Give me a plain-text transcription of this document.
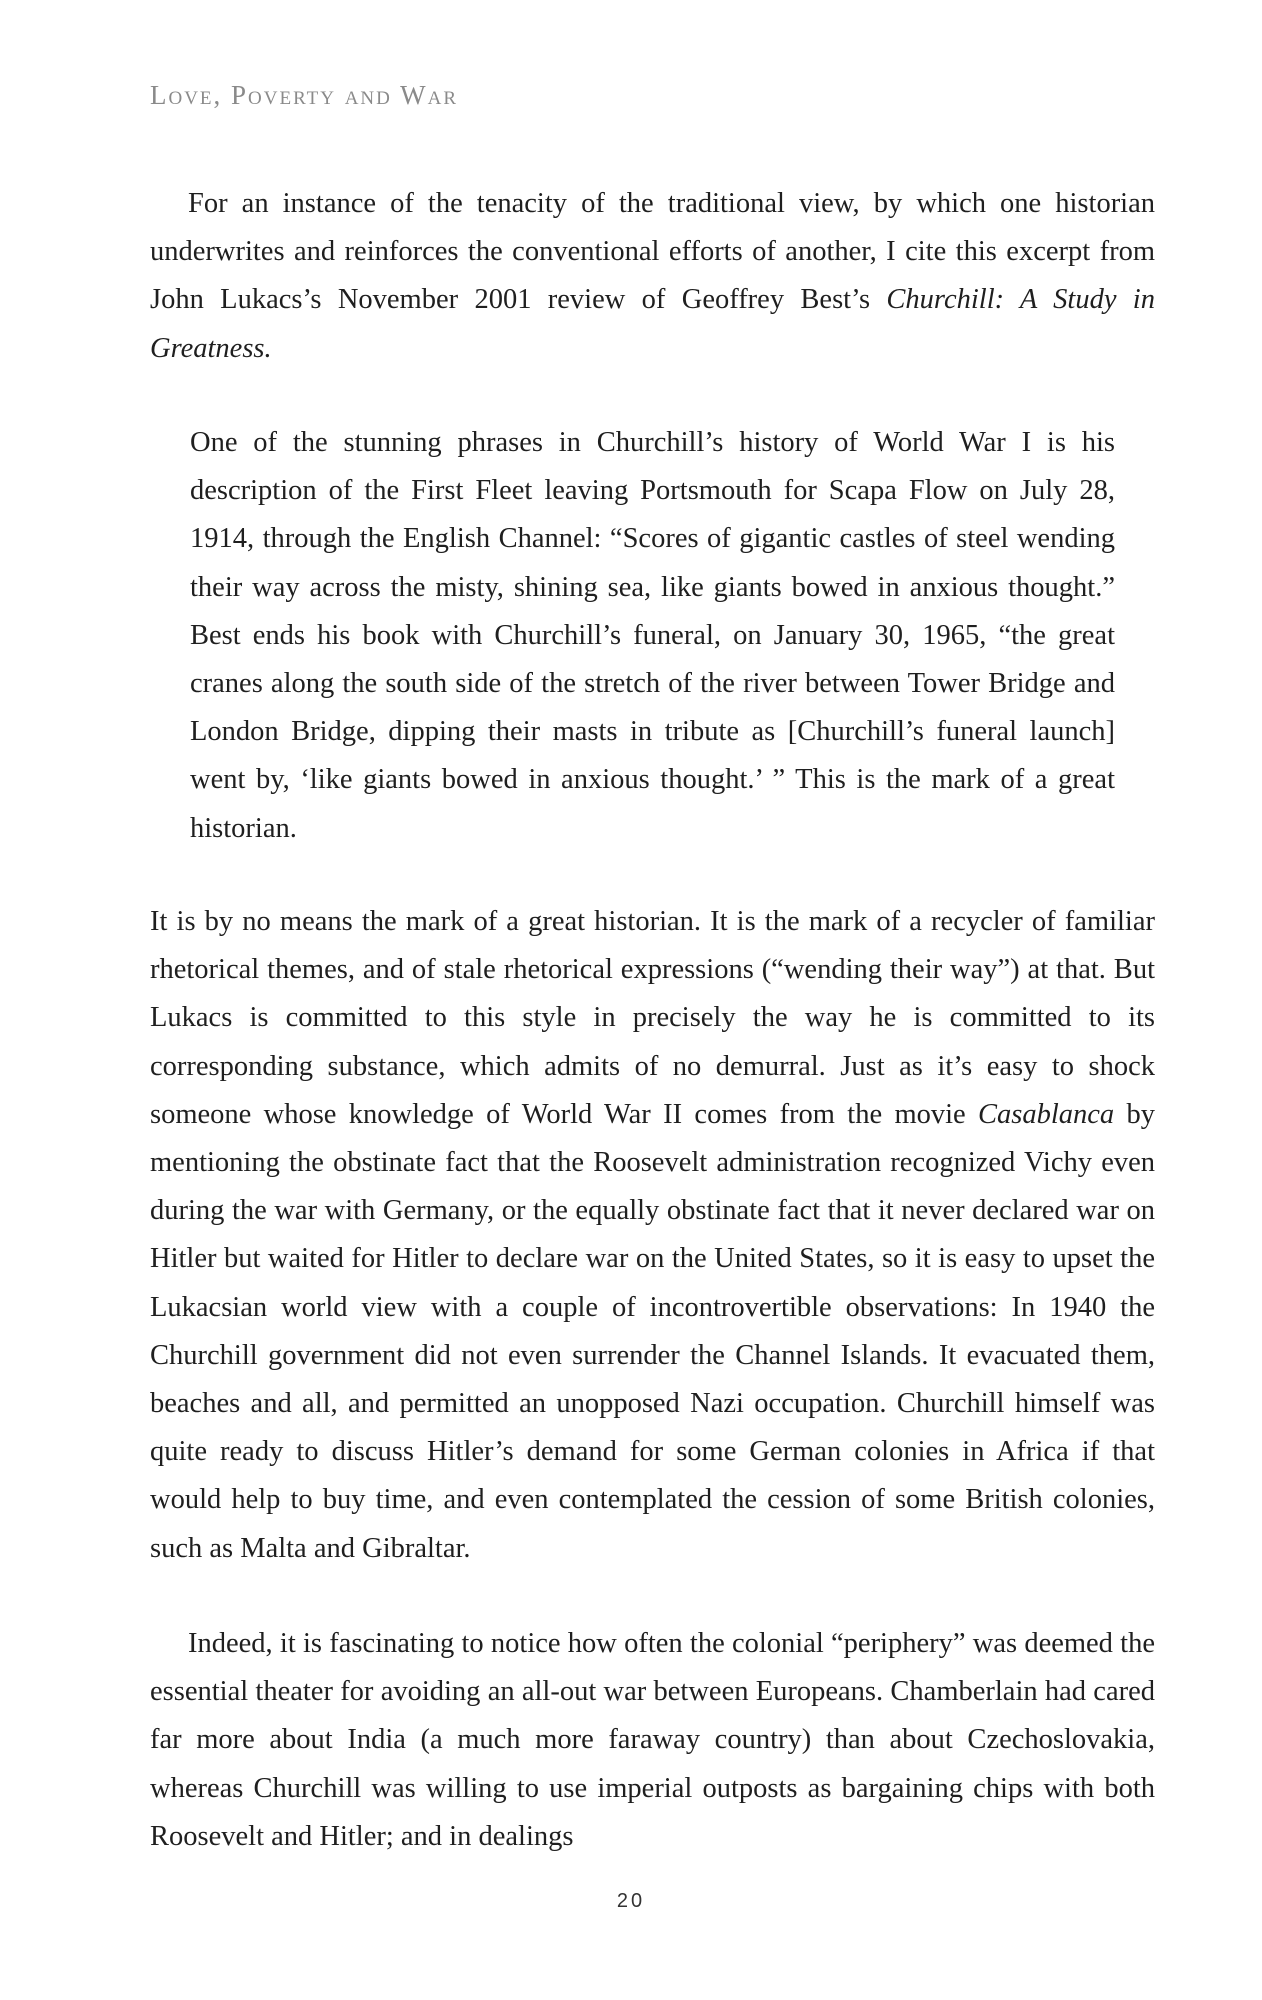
Love, Poverty and War

For an instance of the tenacity of the traditional view, by which one historian underwrites and reinforces the conventional efforts of another, I cite this excerpt from John Lukacs’s November 2001 review of Geoffrey Best’s Churchill: A Study in Greatness.

One of the stunning phrases in Churchill’s history of World War I is his description of the First Fleet leaving Portsmouth for Scapa Flow on July 28, 1914, through the English Channel: “Scores of gigantic castles of steel wending their way across the misty, shining sea, like giants bowed in anxious thought.” Best ends his book with Churchill’s funeral, on January 30, 1965, “the great cranes along the south side of the stretch of the river between Tower Bridge and London Bridge, dipping their masts in tribute as [Churchill’s funeral launch] went by, ‘like giants bowed in anxious thought.’ ” This is the mark of a great historian.

It is by no means the mark of a great historian. It is the mark of a recycler of familiar rhetorical themes, and of stale rhetorical expressions (“wending their way”) at that. But Lukacs is committed to this style in precisely the way he is committed to its corresponding substance, which admits of no demurral. Just as it’s easy to shock someone whose knowledge of World War II comes from the movie Casablanca by mentioning the obstinate fact that the Roosevelt administration recognized Vichy even during the war with Germany, or the equally obstinate fact that it never declared war on Hitler but waited for Hitler to declare war on the United States, so it is easy to upset the Lukacsian world view with a couple of incontrovertible observations: In 1940 the Churchill government did not even surrender the Channel Islands. It evacuated them, beaches and all, and permitted an unopposed Nazi occupation. Churchill himself was quite ready to discuss Hitler’s demand for some German colonies in Africa if that would help to buy time, and even contemplated the cession of some British colonies, such as Malta and Gibraltar.

Indeed, it is fascinating to notice how often the colonial “periphery” was deemed the essential theater for avoiding an all-out war between Europeans. Chamberlain had cared far more about India (a much more faraway country) than about Czechoslovakia, whereas Churchill was willing to use imperial outposts as bargaining chips with both Roosevelt and Hitler; and in dealings

20
